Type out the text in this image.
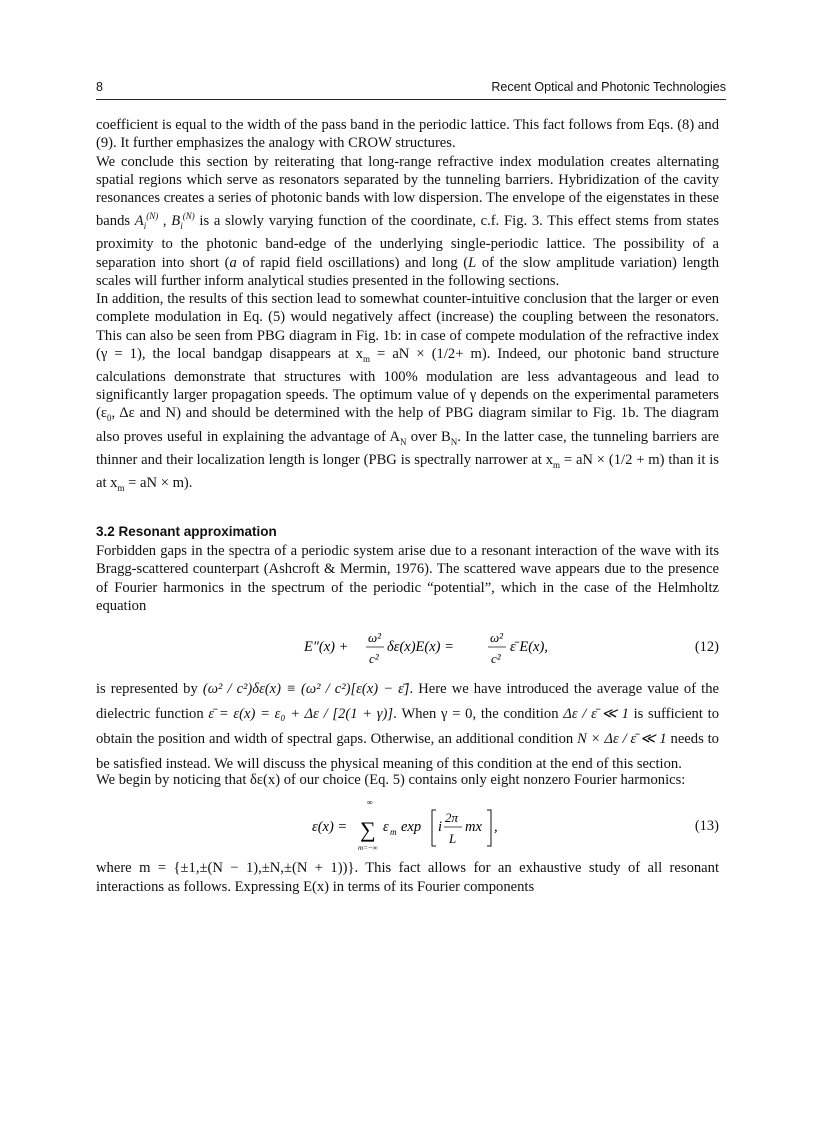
8	Recent Optical and Photonic Technologies

coefficient is equal to the width of the pass band in the periodic lattice. This fact follows from Eqs. (8) and (9). It further emphasizes the analogy with CROW structures.

We conclude this section by reiterating that long-range refractive index modulation creates alternating spatial regions which serve as resonators separated by the tunneling barriers. Hybridization of the cavity resonances creates a series of photonic bands with low dispersion. The envelope of the eigenstates in these bands $A_i^{(N)}$ , $B_i^{(N)}$ is a slowly varying function of the coordinate, c.f. Fig. 3. This effect stems from states proximity to the photonic band-edge of the underlying single-periodic lattice. The possibility of a separation into short (a of rapid field oscillations) and long (L of the slow amplitude variation) length scales will further inform analytical studies presented in the following sections.

In addition, the results of this section lead to somewhat counter-intuitive conclusion that the larger or even complete modulation in Eq. (5) would negatively affect (increase) the coupling between the resonators. This can also be seen from PBG diagram in Fig. 1b: in case of compete modulation of the refractive index (γ = 1), the local bandgap disappears at $x_m$ = aN × (1/2+ m). Indeed, our photonic band structure calculations demonstrate that structures with 100% modulation are less advantageous and lead to significantly larger propagation speeds. The optimum value of γ depends on the experimental parameters ($\varepsilon_0$, Δε and N) and should be determined with the help of PBG diagram similar to Fig. 1b. The diagram also proves useful in explaining the advantage of $A_N$ over $B_N$. In the latter case, the tunneling barriers are thinner and their localization length is longer (PBG is spectrally narrower at $x_m$ = aN × (1/2 + m) than it is at $x_m$ = aN × m).

3.2 Resonant approximation

Forbidden gaps in the spectra of a periodic system arise due to a resonant interaction of the wave with its Bragg-scattered counterpart (Ashcroft & Mermin, 1976). The scattered wave appears due to the presence of Fourier harmonics in the spectrum of the periodic “potential”, which in the case of the Helmholtz equation

E″(x) +
ω²
c²
δε(x)E(x) =
ω²
c²
ε̄ E(x),	(12)

is represented by (ω² / c²)δε(x) ≡ (ω² / c²)[ε(x) − ε̄]. Here we have introduced the average value of the dielectric function ε̄ = ε(x) = ε₀ + Δε / [2(1 + γ)]. When γ = 0, the condition Δε / ε̄ ≪ 1 is sufficient to obtain the position and width of spectral gaps. Otherwise, an additional condition N × Δε / ε̄ ≪ 1 needs to be satisfied instead. We will discuss the physical meaning of this condition at the end of this section.

We begin by noticing that δε(x) of our choice (Eq. 5) contains only eight nonzero Fourier harmonics:

ε(x) =
∞
∑
m=−∞
ε m exp i
2π
L
mx ,	(13)

where m = {±1,±(N − 1),±N,±(N + 1))}. This fact allows for an exhaustive study of all resonant interactions as follows. Expressing E(x) in terms of its Fourier components
